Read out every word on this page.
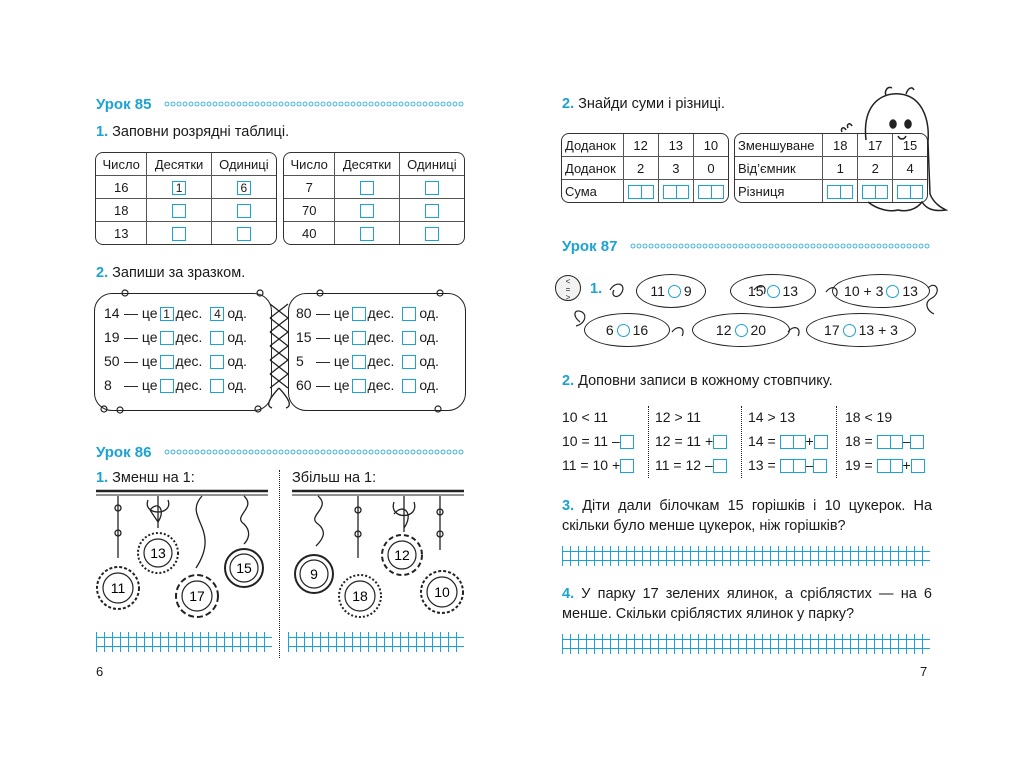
Урок 85
1. Заповни розрядні таблиці.
Число	Десятки	Одиниці
16	1	6
18		
13		
Число	Десятки	Одиниці
7		
70		
40		
2. Запиши за зразком.
14 — це 1 дес. 4 од.
19 — це дес. од.
50 — це дес. од.
8 — це дес. од.
80 — це дес. од.
15 — це дес. од.
5 — це дес. од.
60 — це дес. од.
Урок 86
1. Зменш на 1:	Збільш на 1:
11
13
17
15	9
18
12
10
6
2. Знайди суми і різниці.
Доданок	12	13	10
Доданок	2	3	0
Сума			
Зменшуване	18	17	15
Від’ємник	1	2	4
Різниця			
Урок 87
<
=
>
1.	11 9	15 13	10 + 3 13
6 16	12 20	17 13 + 3
2. Доповни записи в кожному стовпчику.
10 < 11
10 = 11 –
11 = 10 +
12 > 11
12 = 11 +
11 = 12 –
14 > 13
14 = +
13 = –
18 < 19
18 = –
19 = +
3. Діти дали білочкам 15 горішків і 10 цукерок. На скільки було менше цукерок, ніж горішків?
4. У парку 17 зелених ялинок, а сріблястих — на 6 менше. Скільки сріблястих ялинок у парку?
7
